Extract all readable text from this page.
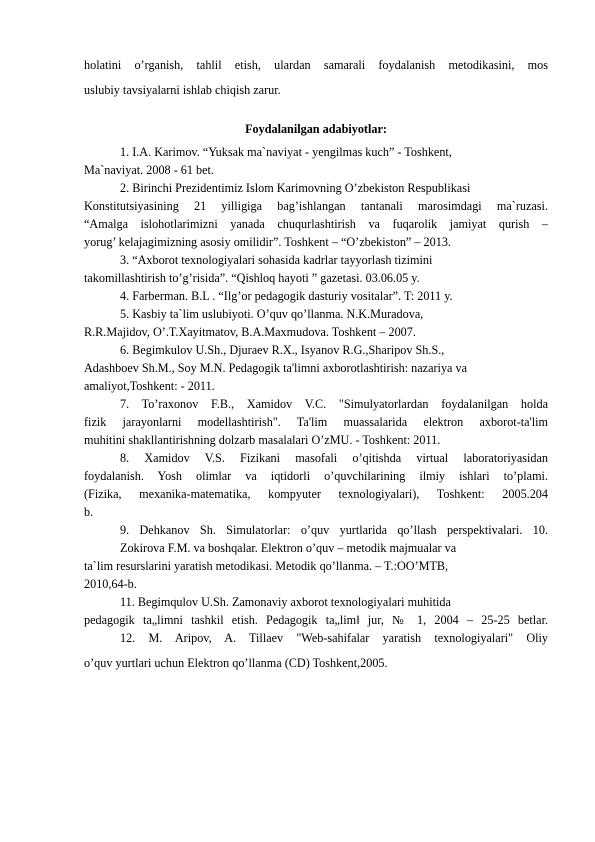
holatini o’rganish, tahlil etish, ulardan samarali foydalanish metodikasini, mos
uslubiy tavsiyalarni ishlab chiqish zarur.
Foydalanilgan adabiyotlar:
1. I.A. Karimov. “Yuksak ma`naviyat - yengilmas kuch” - Toshkent,
Ma`naviyat. 2008 - 61 bet.
2. Birinchi Prezidentimiz Islom Karimovning O’zbekiston Respublikasi
Konstitutsiyasining 21 yilligiga bag’ishlangan tantanali marosimdagi ma`ruzasi.
“Amalga islohotlarimizni yanada chuqurlashtirish va fuqarolik jamiyat qurish –
yorug’ kelajagimizning asosiy omilidir”. Toshkent – “O’zbekiston” – 2013.
3. “Axborot texnologiyalari sohasida kadrlar tayyorlash tizimini
takomillashtirish to’g’risida”. “Qishloq hayoti ” gazetasi. 03.06.05 y.
4. Farberman. B.L . “Ilg’or pedagogik dasturiy vositalar”. T: 2011 y.
5. Kasbiy ta`lim uslubiyoti. O’quv qo’llanma. N.K.Muradova,
R.R.Majidov, O’.T.Xayitmatov, B.A.Maxmudova. Toshkent – 2007.
6. Begimkulov U.Sh., Djuraev R.X., Isyanov R.G.,Sharipov Sh.S.,
Adashboev Sh.M., Soy M.N. Pedagogik ta'limni axborotlashtirish: nazariya va
amaliyot,Toshkent: - 2011.
7. To’raxonov F.B., Xamidov V.C. "Simulyatorlardan foydalanilgan holda
fizik jarayonlarni modellashtirish". Ta'lim muassalarida elektron axborot-ta'lim
muhitini shakllantirishning dolzarb masalalari O’zMU. - Toshkent: 2011.
8. Xamidov V.S. Fizikani masofali o’qitishda virtual laboratoriyasidan
foydalanish. Yosh olimlar va iqtidorli o’quvchilarining ilmiy ishlari to’plami.
(Fizika, mexanika-matematika, kompyuter texnologiyalari), Toshkent: 2005.204
b.
9. Dehkanov Sh. Simulatorlar: o’quv yurtlarida qo’llash perspektivalari. 10.
Zokirova F.M. va boshqalar. Elektron o’quv – metodik majmualar va
ta`lim resurslarini yaratish metodikasi. Metodik qo’llanma. – T.:OO’MTB,
2010,64-b.
11. Begimqulov U.Sh. Zamonaviy axborot texnologiyalari muhitida
pedagogik ta„limni tashkil etish. Pedagogik ta„lim‖ jur, № 1, 2004 – 25-25 betlar.
12. M. Aripov, A. Tillaev "Web-sahifalar yaratish texnologiyalari" Oliy
o’quv yurtlari uchun Elektron qo’llanma (CD) Toshkent,2005.
